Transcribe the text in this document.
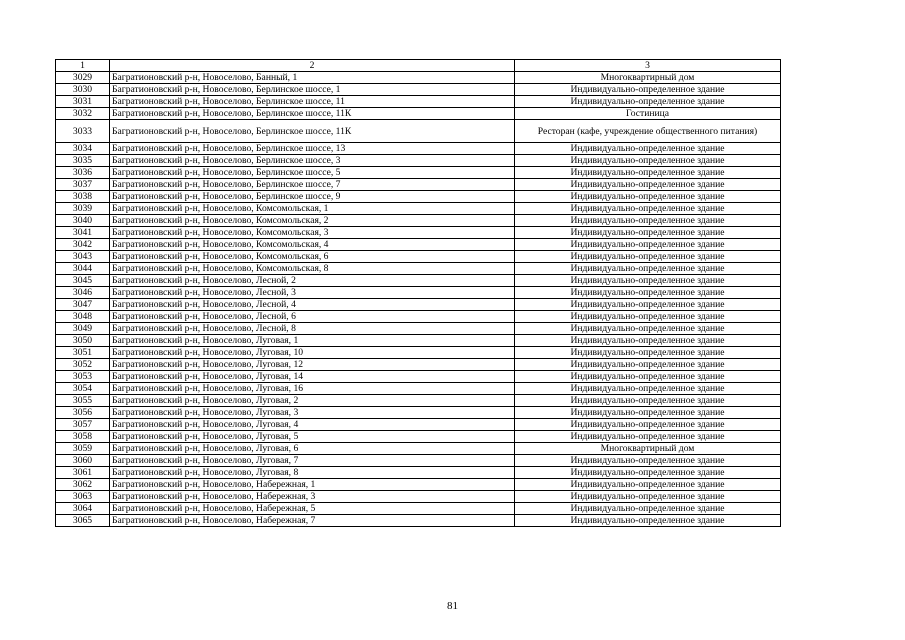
1	2	3
3029	Багратионовский р-н, Новоселово, Банный, 1	Многоквартирный дом
3030	Багратионовский р-н, Новоселово, Берлинское шоссе, 1	Индивидуально-определенное здание
3031	Багратионовский р-н, Новоселово, Берлинское шоссе, 11	Индивидуально-определенное здание
3032	Багратионовский р-н, Новоселово, Берлинское шоссе, 11К	Гостиница
3033	Багратионовский р-н, Новоселово, Берлинское шоссе, 11К	Ресторан (кафе, учреждение общественного питания)
3034	Багратионовский р-н, Новоселово, Берлинское шоссе, 13	Индивидуально-определенное здание
3035	Багратионовский р-н, Новоселово, Берлинское шоссе, 3	Индивидуально-определенное здание
3036	Багратионовский р-н, Новоселово, Берлинское шоссе, 5	Индивидуально-определенное здание
3037	Багратионовский р-н, Новоселово, Берлинское шоссе, 7	Индивидуально-определенное здание
3038	Багратионовский р-н, Новоселово, Берлинское шоссе, 9	Индивидуально-определенное здание
3039	Багратионовский р-н, Новоселово, Комсомольская, 1	Индивидуально-определенное здание
3040	Багратионовский р-н, Новоселово, Комсомольская, 2	Индивидуально-определенное здание
3041	Багратионовский р-н, Новоселово, Комсомольская, 3	Индивидуально-определенное здание
3042	Багратионовский р-н, Новоселово, Комсомольская, 4	Индивидуально-определенное здание
3043	Багратионовский р-н, Новоселово, Комсомольская, 6	Индивидуально-определенное здание
3044	Багратионовский р-н, Новоселово, Комсомольская, 8	Индивидуально-определенное здание
3045	Багратионовский р-н, Новоселово, Лесной, 2	Индивидуально-определенное здание
3046	Багратионовский р-н, Новоселово, Лесной, 3	Индивидуально-определенное здание
3047	Багратионовский р-н, Новоселово, Лесной, 4	Индивидуально-определенное здание
3048	Багратионовский р-н, Новоселово, Лесной, 6	Индивидуально-определенное здание
3049	Багратионовский р-н, Новоселово, Лесной, 8	Индивидуально-определенное здание
3050	Багратионовский р-н, Новоселово, Луговая, 1	Индивидуально-определенное здание
3051	Багратионовский р-н, Новоселово, Луговая, 10	Индивидуально-определенное здание
3052	Багратионовский р-н, Новоселово, Луговая, 12	Индивидуально-определенное здание
3053	Багратионовский р-н, Новоселово, Луговая, 14	Индивидуально-определенное здание
3054	Багратионовский р-н, Новоселово, Луговая, 16	Индивидуально-определенное здание
3055	Багратионовский р-н, Новоселово, Луговая, 2	Индивидуально-определенное здание
3056	Багратионовский р-н, Новоселово, Луговая, 3	Индивидуально-определенное здание
3057	Багратионовский р-н, Новоселово, Луговая, 4	Индивидуально-определенное здание
3058	Багратионовский р-н, Новоселово, Луговая, 5	Индивидуально-определенное здание
3059	Багратионовский р-н, Новоселово, Луговая, 6	Многоквартирный дом
3060	Багратионовский р-н, Новоселово, Луговая, 7	Индивидуально-определенное здание
3061	Багратионовский р-н, Новоселово, Луговая, 8	Индивидуально-определенное здание
3062	Багратионовский р-н, Новоселово, Набережная, 1	Индивидуально-определенное здание
3063	Багратионовский р-н, Новоселово, Набережная, 3	Индивидуально-определенное здание
3064	Багратионовский р-н, Новоселово, Набережная, 5	Индивидуально-определенное здание
3065	Багратионовский р-н, Новоселово, Набережная, 7	Индивидуально-определенное здание
81
